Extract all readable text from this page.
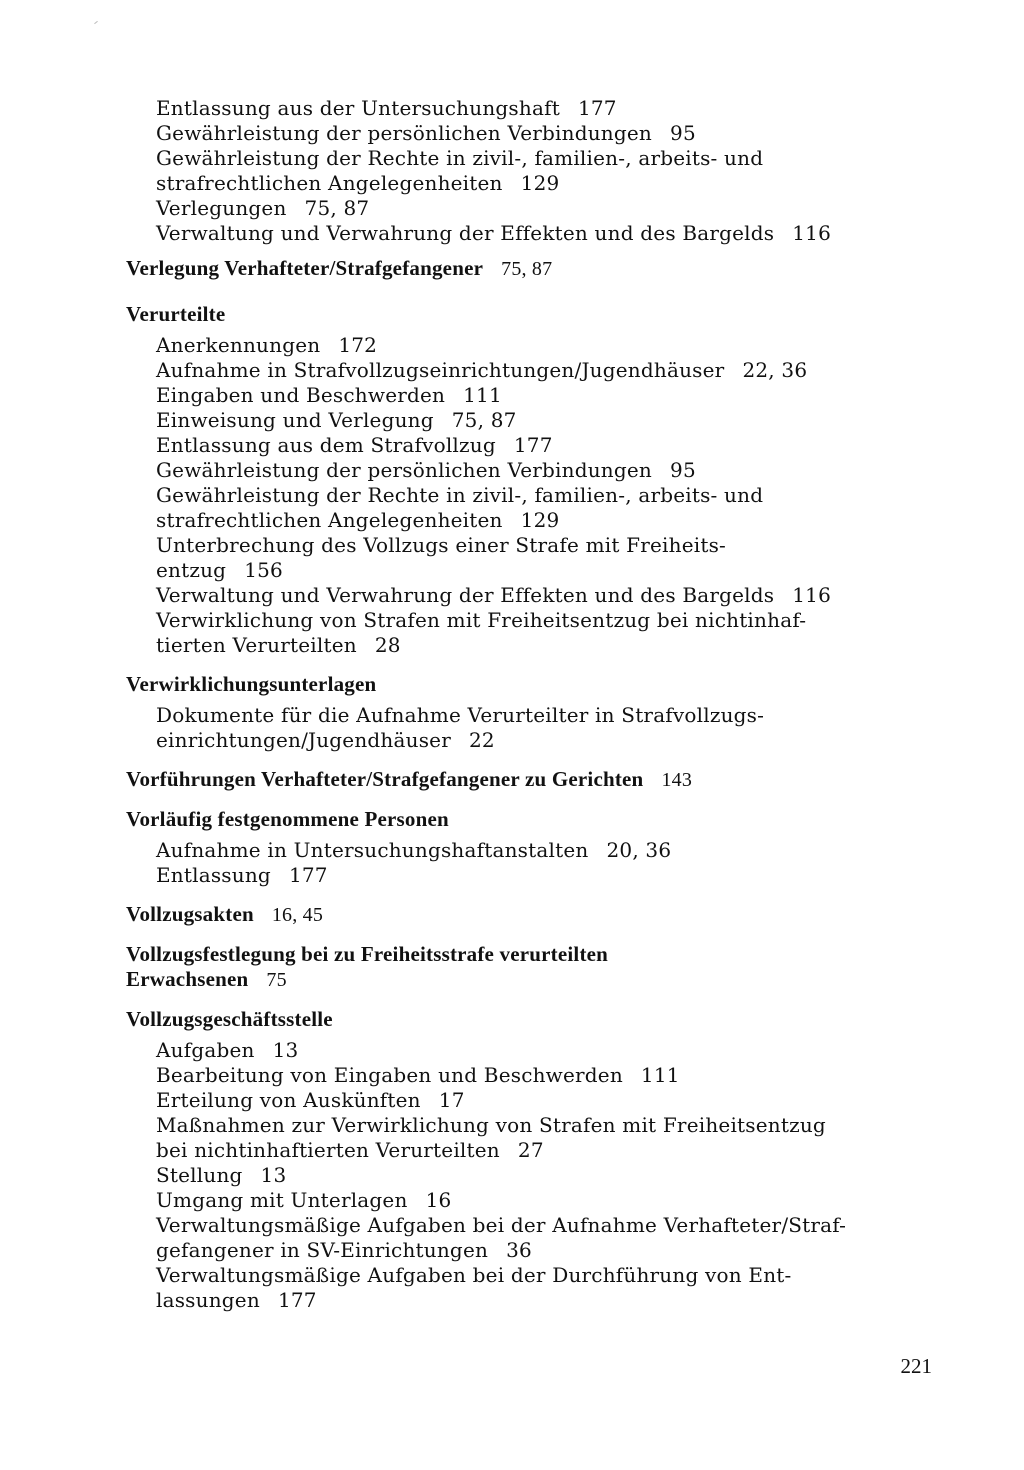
Entlassung aus der Untersuchungshaft 177
Gewährleistung der persönlichen Verbindungen 95
Gewährleistung der Rechte in zivil-, familien-, arbeits- und
strafrechtlichen Angelegenheiten 129
Verlegungen 75, 87
Verwaltung und Verwahrung der Effekten und des Bargelds 116
Verlegung Verhafteter/Strafgefangener 75, 87
Verurteilte
Anerkennungen 172
Aufnahme in Strafvollzugseinrichtungen/Jugendhäuser 22, 36
Eingaben und Beschwerden 111
Einweisung und Verlegung 75, 87
Entlassung aus dem Strafvollzug 177
Gewährleistung der persönlichen Verbindungen 95
Gewährleistung der Rechte in zivil-, familien-, arbeits- und
strafrechtlichen Angelegenheiten 129
Unterbrechung des Vollzugs einer Strafe mit Freiheits-
entzug 156
Verwaltung und Verwahrung der Effekten und des Bargelds 116
Verwirklichung von Strafen mit Freiheitsentzug bei nichtinhaf-
tierten Verurteilten 28
Verwirklichungsunterlagen
Dokumente für die Aufnahme Verurteilter in Strafvollzugs-
einrichtungen/Jugendhäuser 22
Vorführungen Verhafteter/Strafgefangener zu Gerichten 143
Vorläufig festgenommene Personen
Aufnahme in Untersuchungshaftanstalten 20, 36
Entlassung 177
Vollzugsakten 16, 45
Vollzugsfestlegung bei zu Freiheitsstrafe verurteilten
Erwachsenen 75
Vollzugsgeschäftsstelle
Aufgaben 13
Bearbeitung von Eingaben und Beschwerden 111
Erteilung von Auskünften 17
Maßnahmen zur Verwirklichung von Strafen mit Freiheitsentzug
bei nichtinhaftierten Verurteilten 27
Stellung 13
Umgang mit Unterlagen 16
Verwaltungsmäßige Aufgaben bei der Aufnahme Verhafteter/Straf-
gefangener in SV-Einrichtungen 36
Verwaltungsmäßige Aufgaben bei der Durchführung von Ent-
lassungen 177
221
